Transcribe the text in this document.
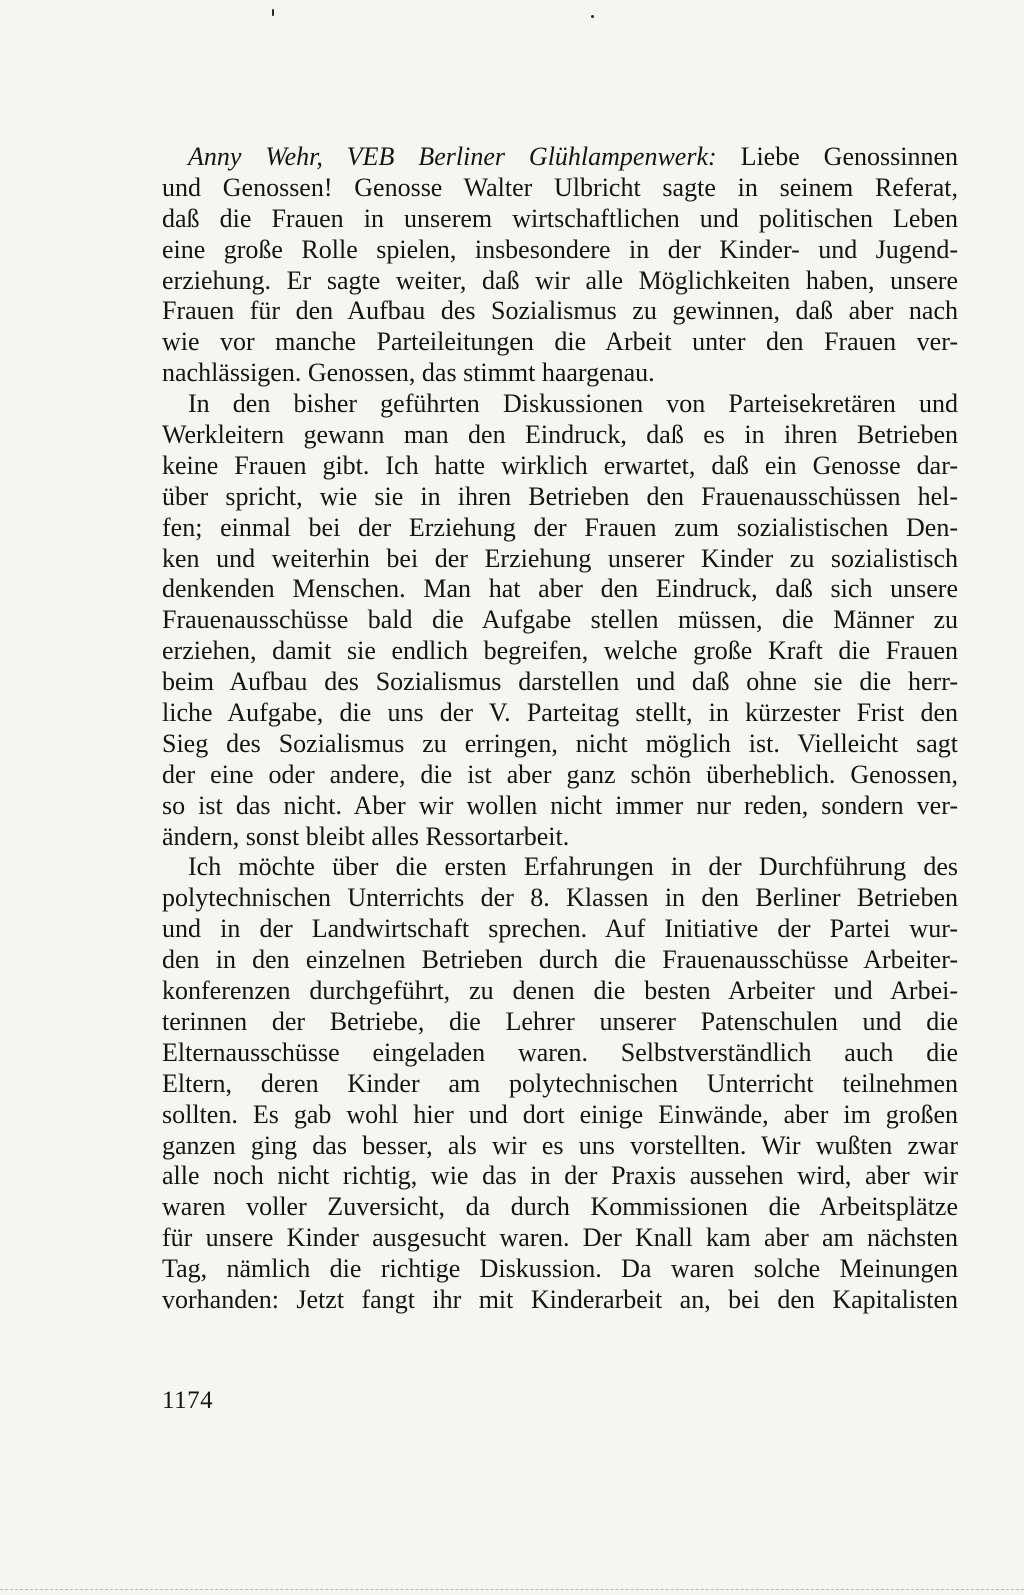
Anny Wehr, VEB Berliner Glühlampenwerk: Liebe Genossinnen
und Genossen! Genosse Walter Ulbricht sagte in seinem Referat,
daß die Frauen in unserem wirtschaftlichen und politischen Leben
eine große Rolle spielen, insbesondere in der Kinder- und Jugend-
erziehung. Er sagte weiter, daß wir alle Möglichkeiten haben, unsere
Frauen für den Aufbau des Sozialismus zu gewinnen, daß aber nach
wie vor manche Parteileitungen die Arbeit unter den Frauen ver-
nachlässigen. Genossen, das stimmt haargenau.

In den bisher geführten Diskussionen von Parteisekretären und
Werkleitern gewann man den Eindruck, daß es in ihren Betrieben
keine Frauen gibt. Ich hatte wirklich erwartet, daß ein Genosse dar-
über spricht, wie sie in ihren Betrieben den Frauenausschüssen hel-
fen; einmal bei der Erziehung der Frauen zum sozialistischen Den-
ken und weiterhin bei der Erziehung unserer Kinder zu sozialistisch
denkenden Menschen. Man hat aber den Eindruck, daß sich unsere
Frauenausschüsse bald die Aufgabe stellen müssen, die Männer zu
erziehen, damit sie endlich begreifen, welche große Kraft die Frauen
beim Aufbau des Sozialismus darstellen und daß ohne sie die herr-
liche Aufgabe, die uns der V. Parteitag stellt, in kürzester Frist den
Sieg des Sozialismus zu erringen, nicht möglich ist. Vielleicht sagt
der eine oder andere, die ist aber ganz schön überheblich. Genossen,
so ist das nicht. Aber wir wollen nicht immer nur reden, sondern ver-
ändern, sonst bleibt alles Ressortarbeit.

Ich möchte über die ersten Erfahrungen in der Durchführung des
polytechnischen Unterrichts der 8. Klassen in den Berliner Betrieben
und in der Landwirtschaft sprechen. Auf Initiative der Partei wur-
den in den einzelnen Betrieben durch die Frauenausschüsse Arbeiter-
konferenzen durchgeführt, zu denen die besten Arbeiter und Arbei-
terinnen der Betriebe, die Lehrer unserer Patenschulen und die
Elternausschüsse eingeladen waren. Selbstverständlich auch die
Eltern, deren Kinder am polytechnischen Unterricht teilnehmen
sollten. Es gab wohl hier und dort einige Einwände, aber im großen
ganzen ging das besser, als wir es uns vorstellten. Wir wußten zwar
alle noch nicht richtig, wie das in der Praxis aussehen wird, aber wir
waren voller Zuversicht, da durch Kommissionen die Arbeitsplätze
für unsere Kinder ausgesucht waren. Der Knall kam aber am nächsten
Tag, nämlich die richtige Diskussion. Da waren solche Meinungen
vorhanden: Jetzt fangt ihr mit Kinderarbeit an, bei den Kapitalisten

1174
